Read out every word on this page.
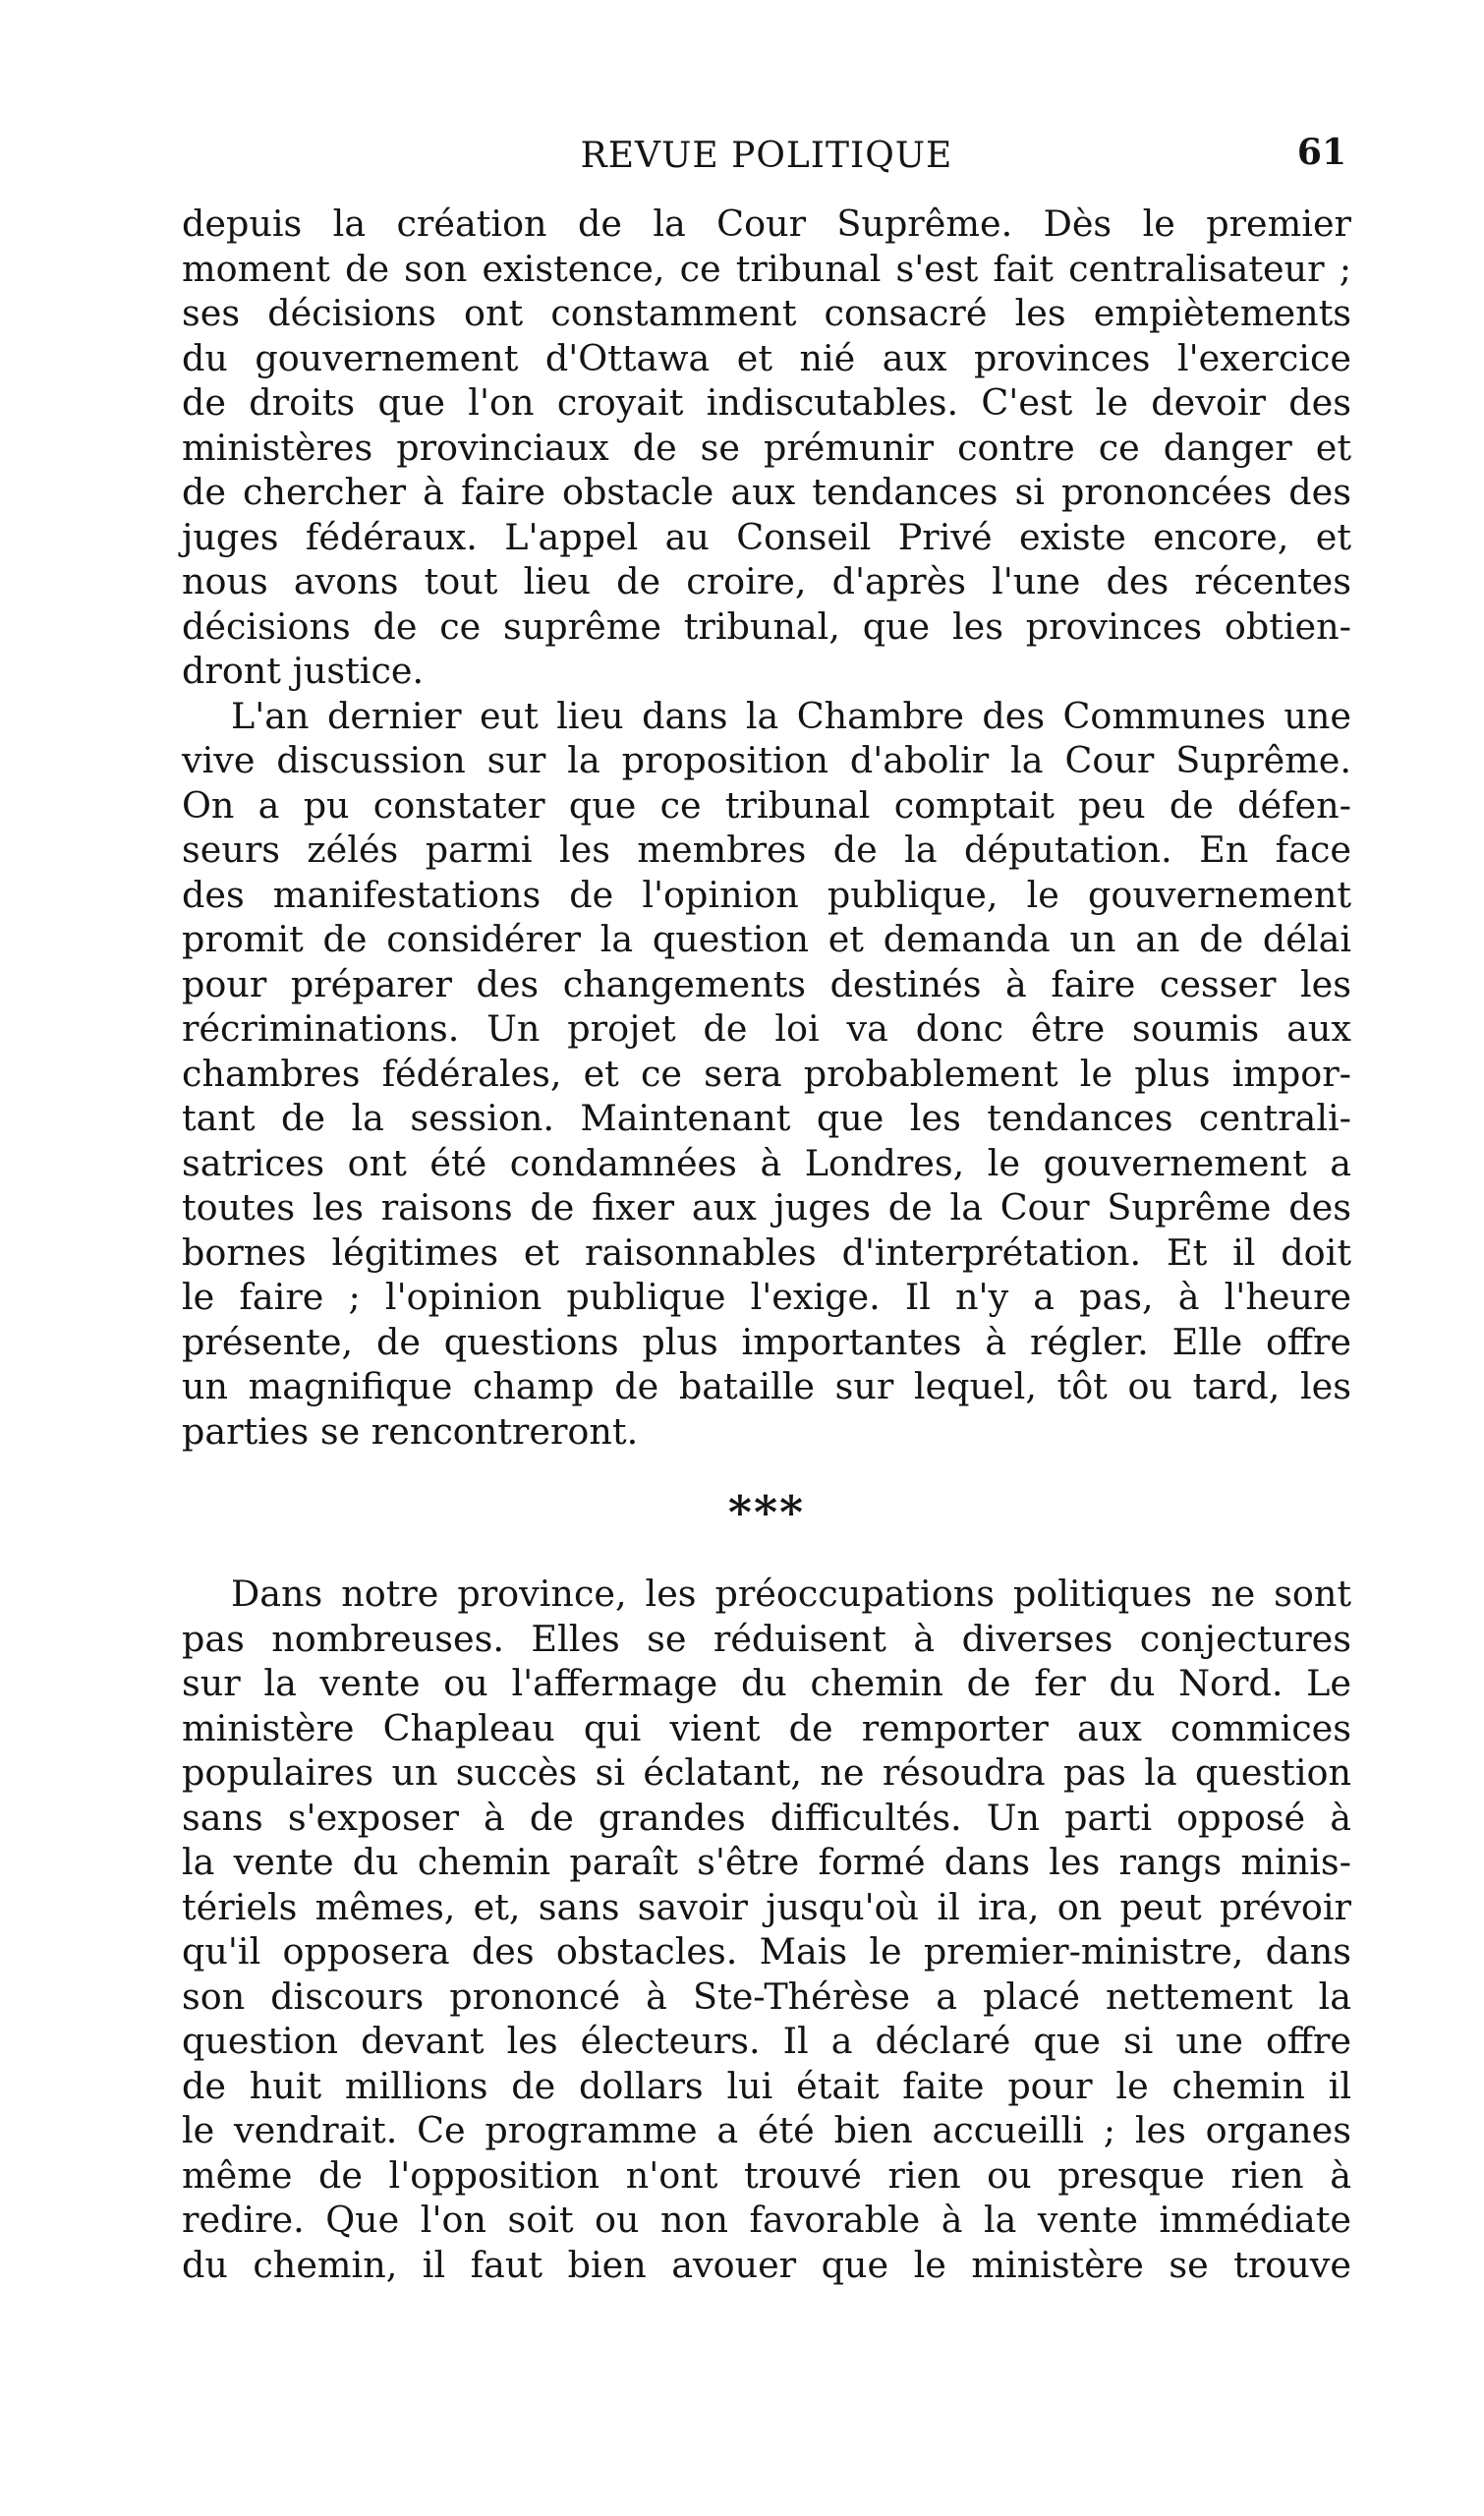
REVUE POLITIQUE	61
depuis la création de la Cour Suprême. Dès le premier
moment de son existence, ce tribunal s'est fait centralisateur ;
ses décisions ont constamment consacré les empiètements
du gouvernement d'Ottawa et nié aux provinces l'exercice
de droits que l'on croyait indiscutables. C'est le devoir des
ministères provinciaux de se prémunir contre ce danger et
de chercher à faire obstacle aux tendances si prononcées des
juges fédéraux. L'appel au Conseil Privé existe encore, et
nous avons tout lieu de croire, d'après l'une des récentes
décisions de ce suprême tribunal, que les provinces obtien-
dront justice.
L'an dernier eut lieu dans la Chambre des Communes une
vive discussion sur la proposition d'abolir la Cour Suprême.
On a pu constater que ce tribunal comptait peu de défen-
seurs zélés parmi les membres de la députation. En face
des manifestations de l'opinion publique, le gouvernement
promit de considérer la question et demanda un an de délai
pour préparer des changements destinés à faire cesser les
récriminations. Un projet de loi va donc être soumis aux
chambres fédérales, et ce sera probablement le plus impor-
tant de la session. Maintenant que les tendances centrali-
satrices ont été condamnées à Londres, le gouvernement a
toutes les raisons de fixer aux juges de la Cour Suprême des
bornes légitimes et raisonnables d'interprétation. Et il doit
le faire ; l'opinion publique l'exige. Il n'y a pas, à l'heure
présente, de questions plus importantes à régler. Elle offre
un magnifique champ de bataille sur lequel, tôt ou tard, les
parties se rencontreront.
***
Dans notre province, les préoccupations politiques ne sont
pas nombreuses. Elles se réduisent à diverses conjectures
sur la vente ou l'affermage du chemin de fer du Nord. Le
ministère Chapleau qui vient de remporter aux commices
populaires un succès si éclatant, ne résoudra pas la question
sans s'exposer à de grandes difficultés. Un parti opposé à
la vente du chemin paraît s'être formé dans les rangs minis-
tériels mêmes, et, sans savoir jusqu'où il ira, on peut prévoir
qu'il opposera des obstacles. Mais le premier-ministre, dans
son discours prononcé à Ste-Thérèse a placé nettement la
question devant les électeurs. Il a déclaré que si une offre
de huit millions de dollars lui était faite pour le chemin il
le vendrait. Ce programme a été bien accueilli ; les organes
même de l'opposition n'ont trouvé rien ou presque rien à
redire. Que l'on soit ou non favorable à la vente immédiate
du chemin, il faut bien avouer que le ministère se trouve
